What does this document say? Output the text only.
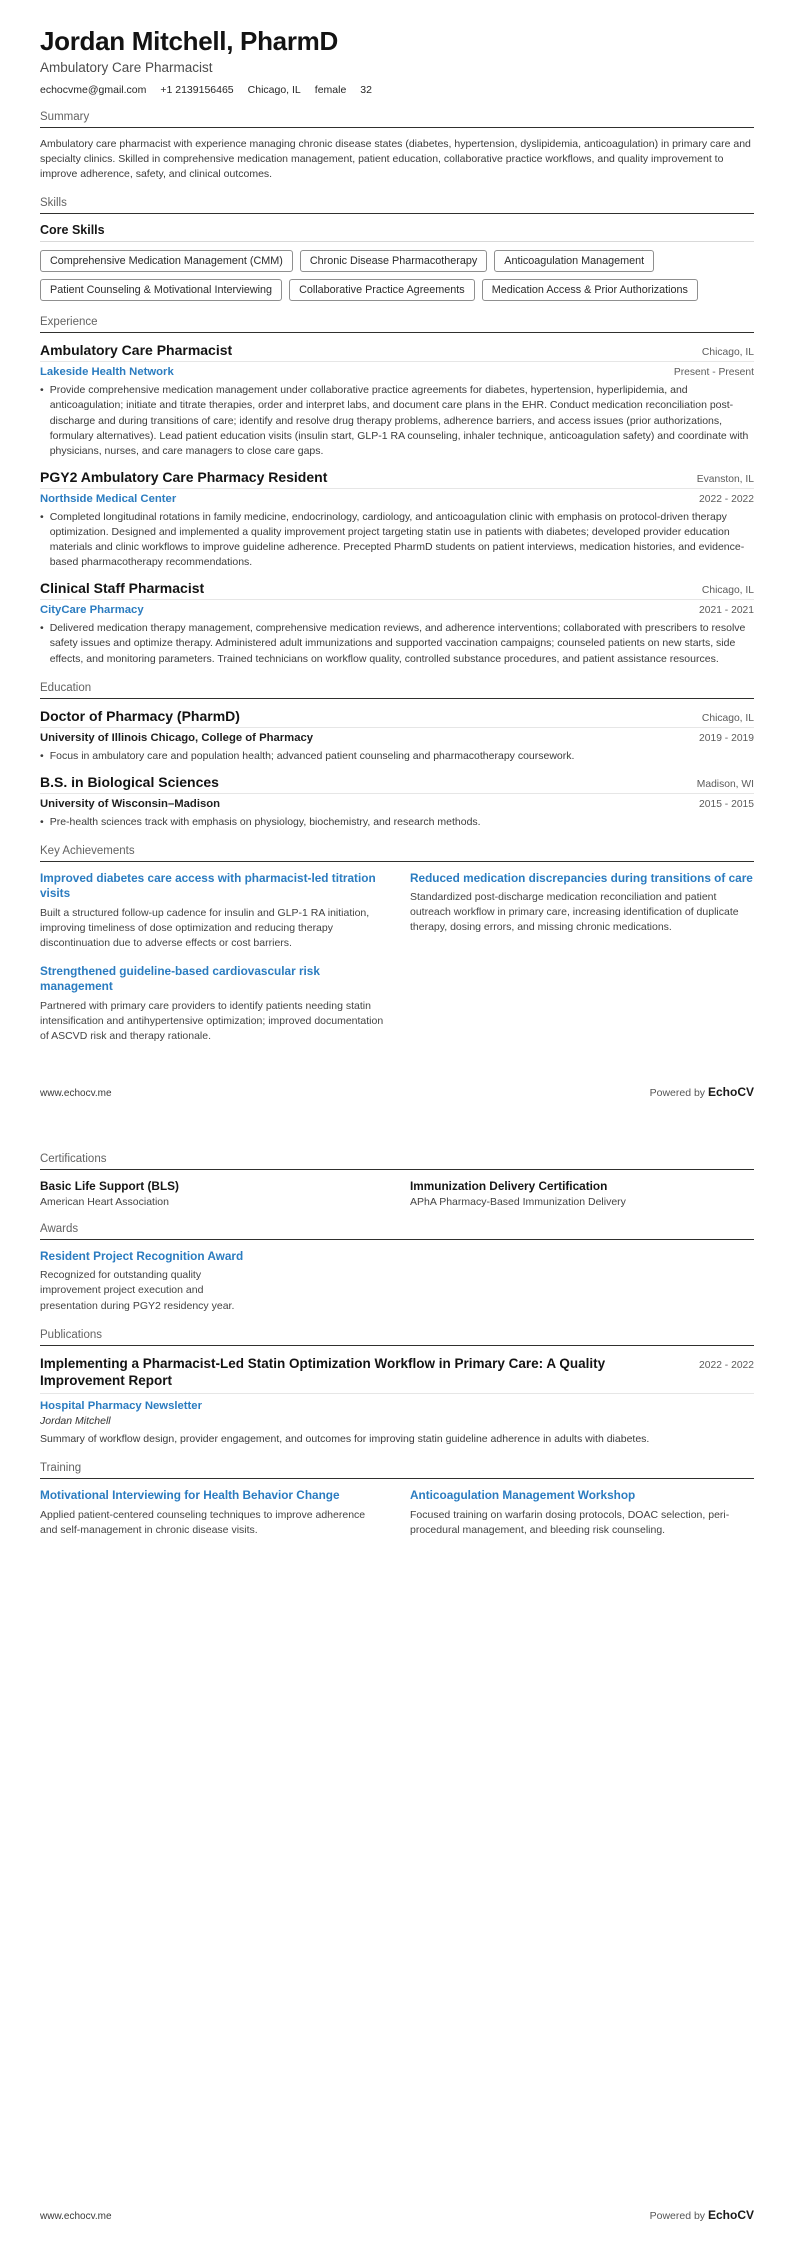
Jordan Mitchell, PharmD
Ambulatory Care Pharmacist
echocvme@gmail.com +1 2139156465 Chicago, IL female 32
Summary

Ambulatory care pharmacist with experience managing chronic disease states (diabetes, hypertension, dyslipidemia, anticoagulation) in primary care and specialty clinics. Skilled in comprehensive medication management, patient education, collaborative practice workflows, and quality improvement to improve adherence, safety, and clinical outcomes.

Skills
Core Skills
Comprehensive Medication Management (CMM)	Chronic Disease Pharmacotherapy	Anticoagulation Management
Patient Counseling & Motivational Interviewing	Collaborative Practice Agreements	Medication Access & Prior Authorizations
Experience
Ambulatory Care Pharmacist	Chicago, IL
Lakeside Health Network	Present - Present
• Provide comprehensive medication management under collaborative practice agreements for diabetes, hypertension, hyperlipidemia, and anticoagulation; initiate and titrate therapies, order and interpret labs, and document care plans in the EHR. Conduct medication reconciliation post-discharge and during transitions of care; identify and resolve drug therapy problems, adherence barriers, and access issues (prior authorizations, formulary alternatives). Lead patient education visits (insulin start, GLP-1 RA counseling, inhaler technique, anticoagulation safety) and coordinate with physicians, nurses, and care managers to close care gaps.
PGY2 Ambulatory Care Pharmacy Resident	Evanston, IL
Northside Medical Center	2022 - 2022
• Completed longitudinal rotations in family medicine, endocrinology, cardiology, and anticoagulation clinic with emphasis on protocol-driven therapy optimization. Designed and implemented a quality improvement project targeting statin use in patients with diabetes; developed provider education materials and clinic workflows to improve guideline adherence. Precepted PharmD students on patient interviews, medication histories, and evidence-based pharmacotherapy recommendations.
Clinical Staff Pharmacist	Chicago, IL
CityCare Pharmacy	2021 - 2021
• Delivered medication therapy management, comprehensive medication reviews, and adherence interventions; collaborated with prescribers to resolve safety issues and optimize therapy. Administered adult immunizations and supported vaccination campaigns; counseled patients on new starts, side effects, and monitoring parameters. Trained technicians on workflow quality, controlled substance procedures, and patient assistance resources.
Education
Doctor of Pharmacy (PharmD)	Chicago, IL
University of Illinois Chicago, College of Pharmacy	2019 - 2019
• Focus in ambulatory care and population health; advanced patient counseling and pharmacotherapy coursework.
B.S. in Biological Sciences	Madison, WI
University of Wisconsin–Madison	2015 - 2015
• Pre-health sciences track with emphasis on physiology, biochemistry, and research methods.
Key Achievements
Improved diabetes care access with pharmacist-led titration visits
Built a structured follow-up cadence for insulin and GLP-1 RA initiation, improving timeliness of dose optimization and reducing therapy discontinuation due to adverse effects or cost barriers.
Reduced medication discrepancies during transitions of care
Standardized post-discharge medication reconciliation and patient outreach workflow in primary care, increasing identification of duplicate therapy, dosing errors, and missing chronic medications.
Strengthened guideline-based cardiovascular risk management
Partnered with primary care providers to identify patients needing statin intensification and antihypertensive optimization; improved documentation of ASCVD risk and therapy rationale.
www.echocv.me	Powered by EchoCV
Certifications
Basic Life Support (BLS)
American Heart Association
Immunization Delivery Certification
APhA Pharmacy-Based Immunization Delivery
Awards
Resident Project Recognition Award
Recognized for outstanding quality improvement project execution and presentation during PGY2 residency year.
Publications
Implementing a Pharmacist-Led Statin Optimization Workflow in Primary Care: A Quality Improvement Report
2022 - 2022
Hospital Pharmacy Newsletter
Jordan Mitchell

Summary of workflow design, provider engagement, and outcomes for improving statin guideline adherence in adults with diabetes.

Training
Motivational Interviewing for Health Behavior Change
Applied patient-centered counseling techniques to improve adherence and self-management in chronic disease visits.
Anticoagulation Management Workshop
Focused training on warfarin dosing protocols, DOAC selection, peri-procedural management, and bleeding risk counseling.
www.echocv.me	Powered by EchoCV
